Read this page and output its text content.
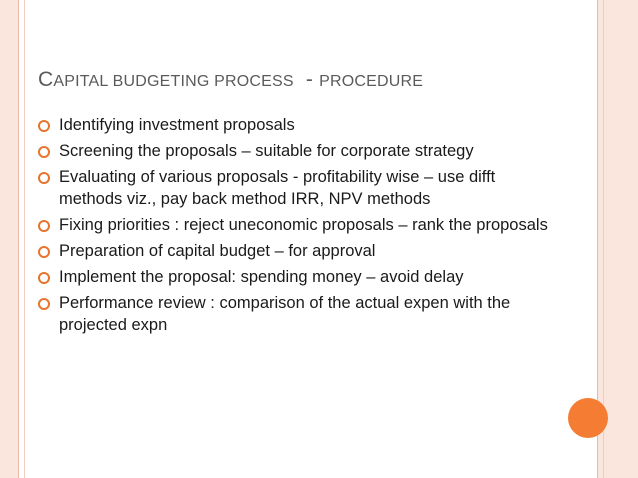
CAPITAL BUDGETING PROCESS  - PROCEDURE
Identifying investment proposals
Screening the proposals – suitable for corporate strategy
Evaluating of various proposals - profitability wise – use difft methods viz., pay back method IRR, NPV methods
Fixing priorities : reject uneconomic proposals – rank the proposals
Preparation of capital budget – for approval
Implement the proposal: spending money – avoid delay
Performance review : comparison of the actual expen with the projected expn
